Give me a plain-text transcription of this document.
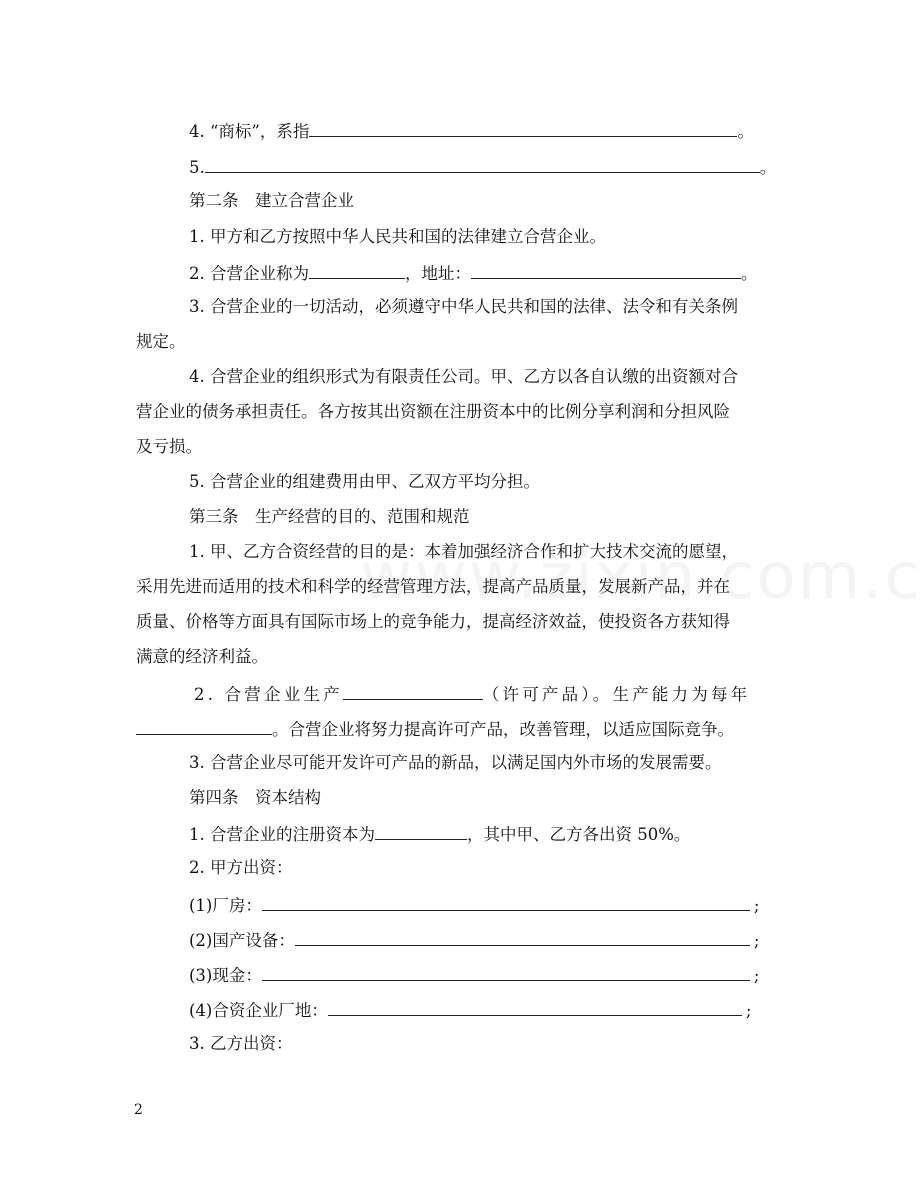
4. “商标”，系指	。
5.	。
第二条　建立合营企业
1. 甲方和乙方按照中华人民共和国的法律建立合营企业。
2. 合营企业称为	，地址：	。
3. 合营企业的一切活动，必须遵守中华人民共和国的法律、法令和有关条例
规定。
4. 合营企业的组织形式为有限责任公司。甲、乙方以各自认缴的出资额对合
营企业的债务承担责任。各方按其出资额在注册资本中的比例分享利润和分担风险
及亏损。
5. 合营企业的组建费用由甲、乙双方平均分担。
第三条　生产经营的目的、范围和规范
1. 甲、乙方合资经营的目的是：本着加强经济合作和扩大技术交流的愿望，
采用先进而适用的技术和科学的经营管理方法，提高产品质量，发展新产品，并在
质量、价格等方面具有国际市场上的竞争能力，提高经济效益，使投资各方获知得
满意的经济利益。
2. 合营企业生产	（许可产品）。生产能力为每年
。合营企业将努力提高许可产品，改善管理，以适应国际竞争。
3. 合营企业尽可能开发许可产品的新品，以满足国内外市场的发展需要。
第四条　资本结构
1. 合营企业的注册资本为	，其中甲、乙方各出资 50%。
2. 甲方出资：
(1)厂房：	;
(2)国产设备：	;
(3)现金：	;
(4)合资企业厂地：	;
3. 乙方出资：
2
